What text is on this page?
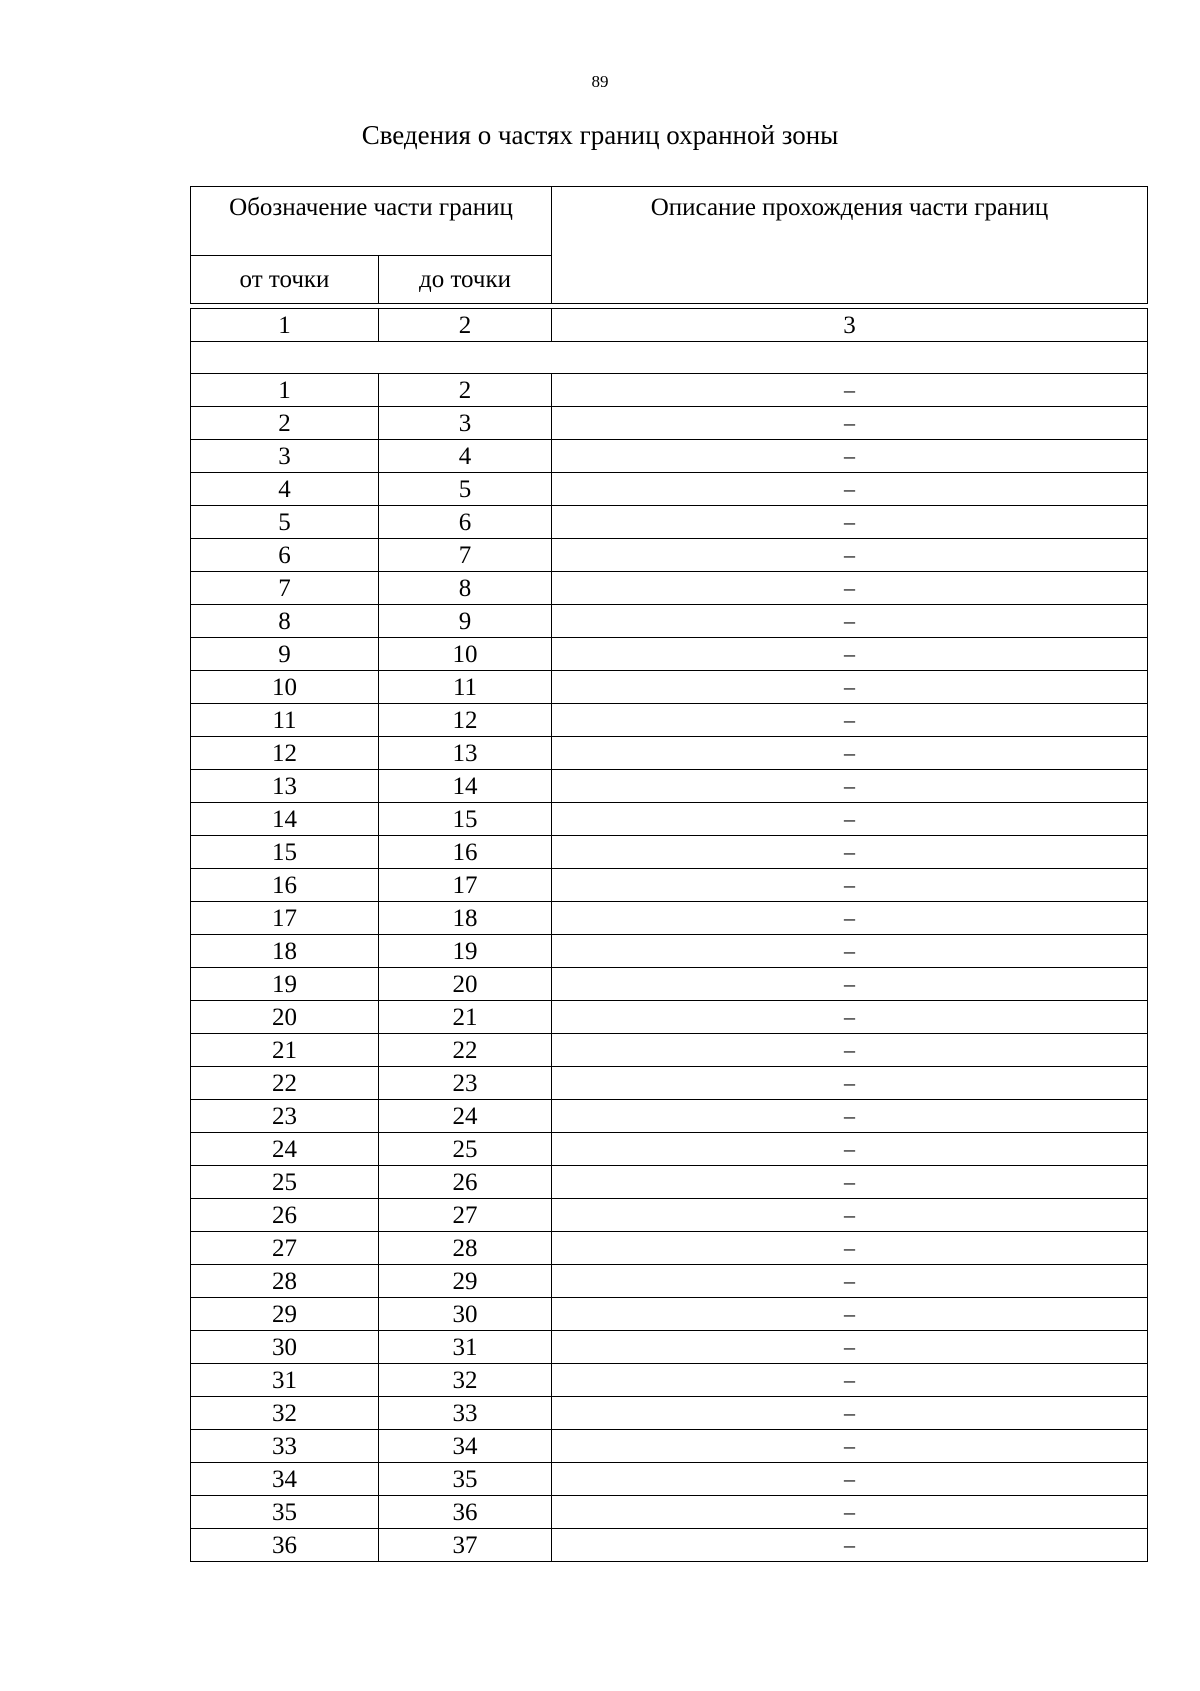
89
Сведения о частях границ охранной зоны
Обозначение части границ		Описание прохождения части границ
от точки	до точки	
1	2	3

1	2	–
2	3	–
3	4	–
4	5	–
5	6	–
6	7	–
7	8	–
8	9	–
9	10	–
10	11	–
11	12	–
12	13	–
13	14	–
14	15	–
15	16	–
16	17	–
17	18	–
18	19	–
19	20	–
20	21	–
21	22	–
22	23	–
23	24	–
24	25	–
25	26	–
26	27	–
27	28	–
28	29	–
29	30	–
30	31	–
31	32	–
32	33	–
33	34	–
34	35	–
35	36	–
36	37	–
